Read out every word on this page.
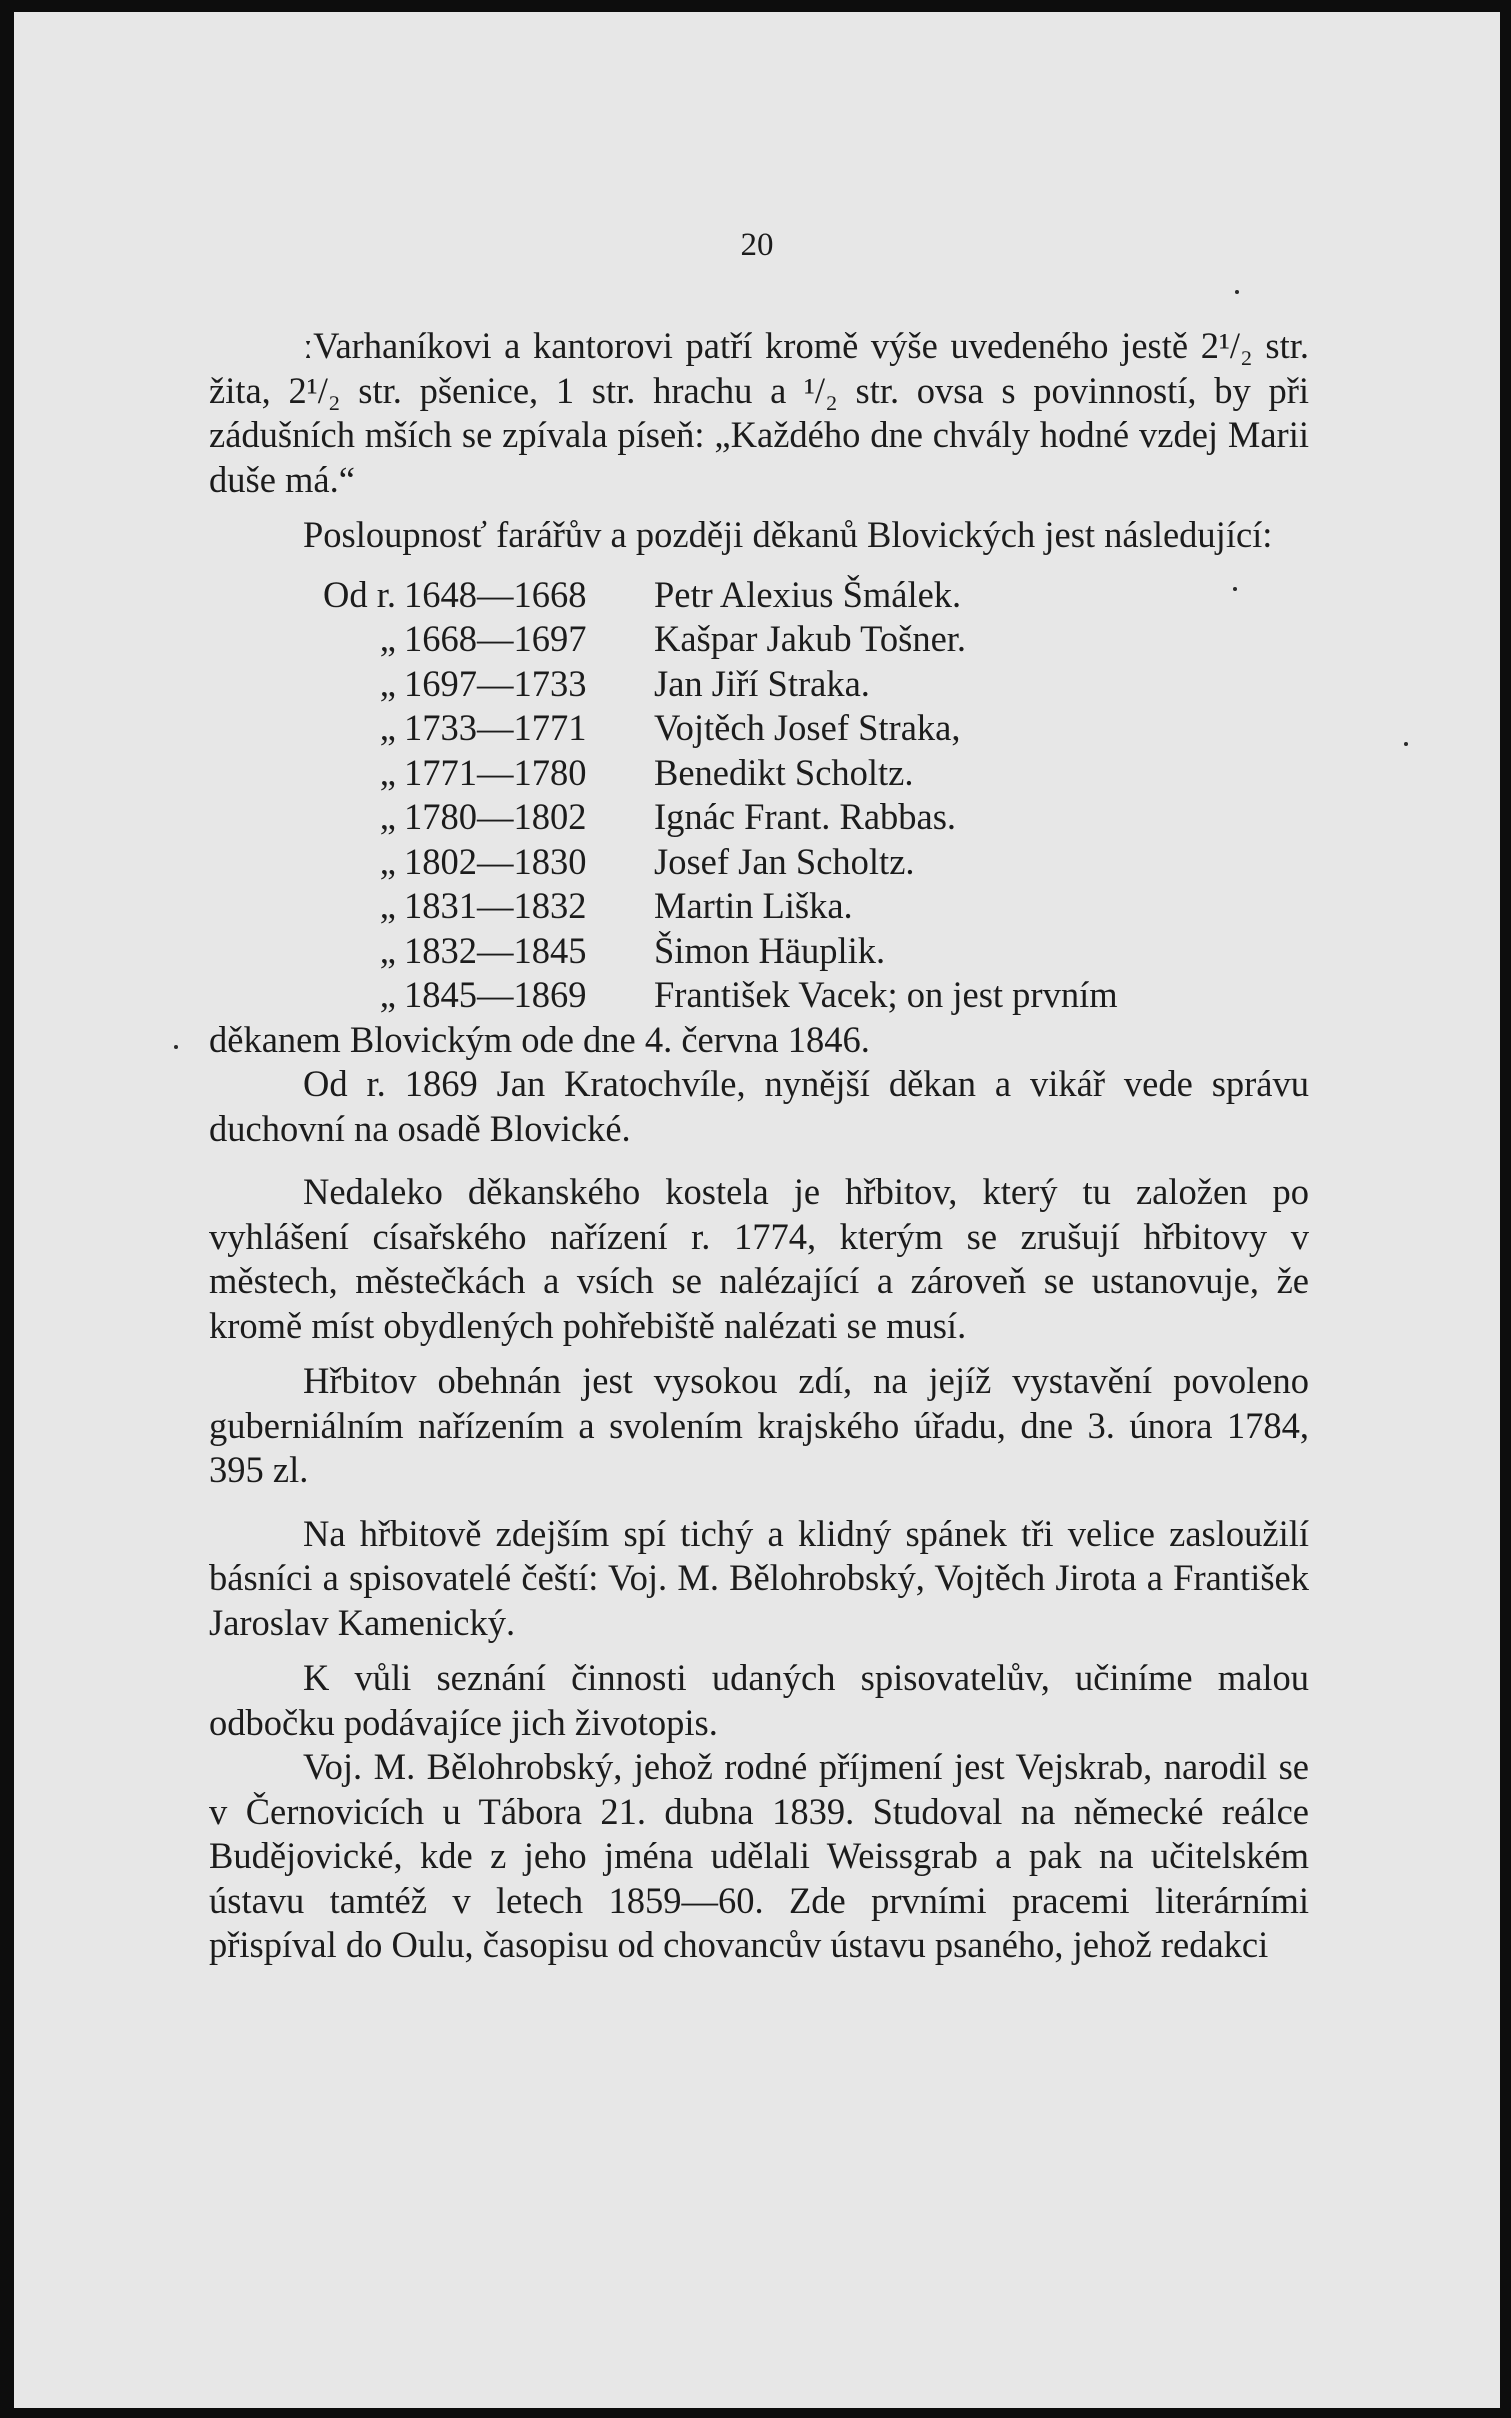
20

ːVarhaníkovi a kantorovi patří kromě výše uvedeného jestě 2¹/₂ str. žita, 2¹/₂ str. pšenice, 1 str. hrachu a ¹/₂ str. ovsa s povinností, by při zádušních mších se zpívala píseň: „Každého dne chvály hodné vzdej Marii duše má.“

Posloupnosť farářův a později děkanů Blovických jest následující:

Od r. 1648—1668	Petr Alexius Šmálek.
„ 1668—1697	Kašpar Jakub Tošner.
„ 1697—1733	Jan Jiří Straka.
„ 1733—1771	Vojtěch Josef Straka,
„ 1771—1780	Benedikt Scholtz.
„ 1780—1802	Ignác Frant. Rabbas.
„ 1802—1830	Josef Jan Scholtz.
„ 1831—1832	Martin Liška.
„ 1832—1845	Šimon Häuplik.
„ 1845—1869	František Vacek; on jest prvním

děkanem Blovickým ode dne 4. června 1846.

Od r. 1869 Jan Kratochvíle, nynější děkan a vikář vede správu duchovní na osadě Blovické.

Nedaleko děkanského kostela je hřbitov, který tu založen po vyhlášení císařského nařízení r. 1774, kterým se zrušují hřbitovy v městech, městečkách a vsích se nalézající a zároveň se ustanovuje, že kromě míst obydlených pohřebiště nalézati se musí.

Hřbitov obehnán jest vysokou zdí, na jejíž vystavění povoleno guberniálním nařízením a svolením krajského úřadu, dne 3. února 1784, 395 zl.

Na hřbitově zdejším spí tichý a klidný spánek tři velice zasloužilí básníci a spisovatelé čeští: Voj. M. Bělohrobský, Vojtěch Jirota a František Jaroslav Kamenický.

K vůli seznání činnosti udaných spisovatelův, učiníme malou odbočku podávajíce jich životopis.

Voj. M. Bělohrobský, jehož rodné příjmení jest Vejskrab, narodil se v Černovicích u Tábora 21. dubna 1839. Studoval na německé reálce Budějovické, kde z jeho jména udělali Weissgrab a pak na učitelském ústavu tamtéž v letech 1859—60. Zde prvními pracemi literárními přispíval do Oulu, časopisu od chovancův ústavu psaného, jehož redakci
